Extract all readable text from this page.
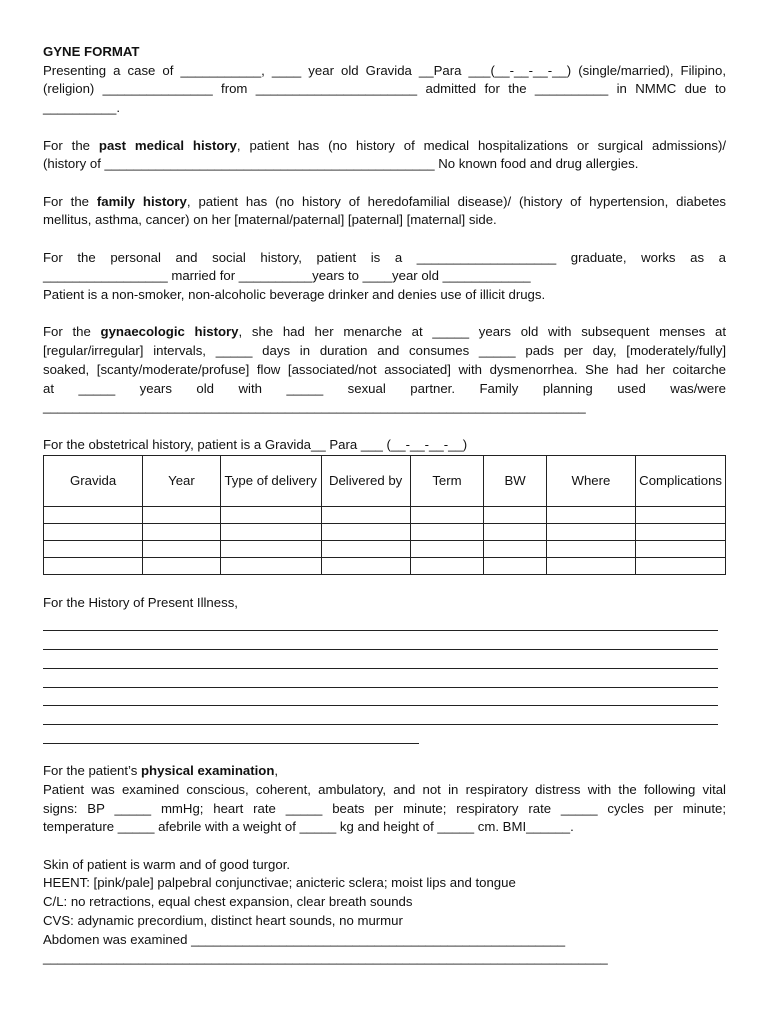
GYNE FORMAT

Presenting a case of ___________, ____ year old Gravida __Para ___(__-__-__-__) (single/married), Filipino,

(religion) _______________ from ______________________ admitted for the __________ in NMMC due to

__________.

For the past medical history, patient has (no history of medical hospitalizations or surgical admissions)/

(history of _____________________________________________ No known food and drug allergies.

For the family history, patient has (no history of heredofamilial disease)/ (history of hypertension, diabetes

mellitus, asthma, cancer) on her [maternal/paternal] [paternal] [maternal] side.

For the personal and social history, patient is a ___________________ graduate, works as a

_________________ married for __________years to ____year old ____________

Patient is a non-smoker, non-alcoholic beverage drinker and denies use of illicit drugs.

For the gynaecologic history, she had her menarche at _____ years old with subsequent menses at

[regular/irregular] intervals, _____ days in duration and consumes _____ pads per day, [moderately/fully]

soaked, [scanty/moderate/profuse] flow [associated/not associated] with dysmenorrhea. She had her coitarche

at _____ years old with _____ sexual partner. Family planning used was/were

__________________________________________________________________________

For the obstetrical history, patient is a Gravida__ Para ___ (__-__-__-__)

Gravida	Year	Type of delivery	Delivered by	Term	BW	Where	Complications

For the History of Present Illness,

For the patient’s physical examination,

Patient was examined conscious, coherent, ambulatory, and not in respiratory distress with the following vital

signs: BP _____ mmHg; heart rate _____ beats per minute; respiratory rate _____ cycles per minute;

temperature _____ afebrile with a weight of _____ kg and height of _____ cm. BMI______.

Skin of patient is warm and of good turgor.

HEENT: [pink/pale] palpebral conjunctivae; anicteric sclera; moist lips and tongue

C/L: no retractions, equal chest expansion, clear breath sounds

CVS: adynamic precordium, distinct heart sounds, no murmur

Abdomen was examined ___________________________________________________

_____________________________________________________________________________
